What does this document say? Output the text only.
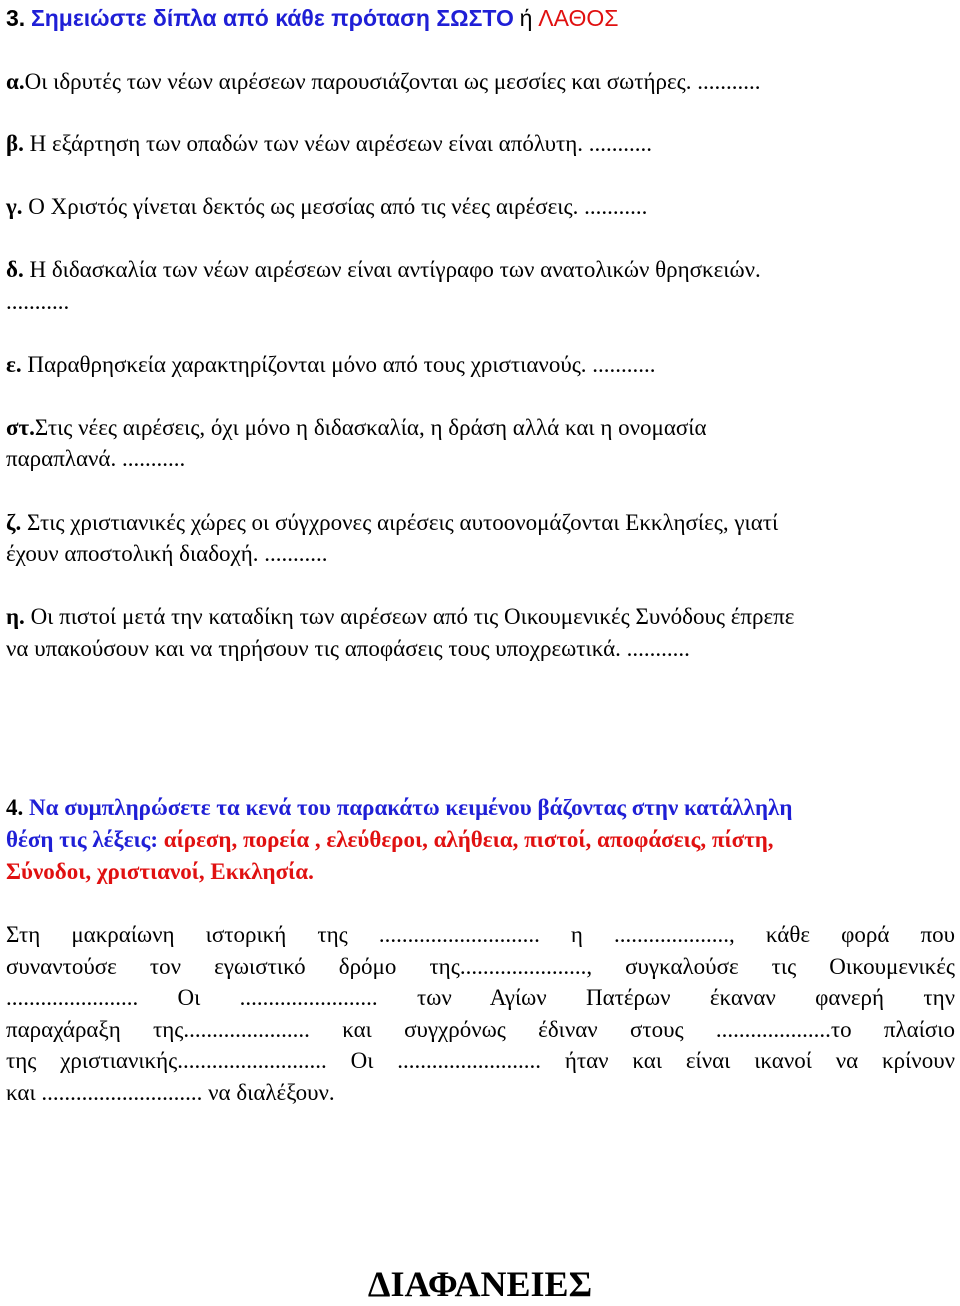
3. Σημειώστε δίπλα από κάθε πρόταση ΣΩΣΤΟ ή ΛΑΘΟΣ
α.Οι ιδρυτές των νέων αιρέσεων παρουσιάζονται ως μεσσίες και σωτήρες. ...........
β. Η εξάρτηση των οπαδών των νέων αιρέσεων είναι απόλυτη. ...........
γ. Ο Χριστός γίνεται δεκτός ως μεσσίας από τις νέες αιρέσεις. ...........
δ. Η διδασκαλία των νέων αιρέσεων είναι αντίγραφο των ανατολικών θρησκειών.
...........
ε. Παραθρησκεία χαρακτηρίζονται μόνο από τους χριστιανούς. ...........
στ.Στις νέες αιρέσεις, όχι μόνο η διδασκαλία, η δράση αλλά και η ονομασία
παραπλανά. ...........
ζ. Στις χριστιανικές χώρες οι σύγχρονες αιρέσεις αυτοονομάζονται Εκκλησίες, γιατί
έχουν αποστολική διαδοχή. ...........
η. Οι πιστοί μετά την καταδίκη των αιρέσεων από τις Οικουμενικές Συνόδους έπρεπε
να υπακούσουν και να τηρήσουν τις αποφάσεις τους υποχρεωτικά. ...........
4. Να συμπληρώσετε τα κενά του παρακάτω κειμένου βάζοντας στην κατάλληλη
θέση τις λέξεις: αίρεση, πορεία , ελεύθεροι, αλήθεια, πιστοί, αποφάσεις, πίστη,
Σύνοδοι, χριστιανοί, Εκκλησία.
Στη μακραίωνη ιστορική της ............................ η ...................., κάθε φορά που
συναντούσε τον εγωιστικό δρόμο της......................, συγκαλούσε τις Οικουμενικές
....................... Οι ........................ των Αγίων Πατέρων έκαναν φανερή την
παραχάραξη της...................... και συγχρόνως έδιναν στους ....................το πλαίσιο
της χριστιανικής.......................... Οι ......................... ήταν και είναι ικανοί να κρίνουν
και ............................ να διαλέξουν.
ΔΙΑΦΑΝΕΙΕΣ
